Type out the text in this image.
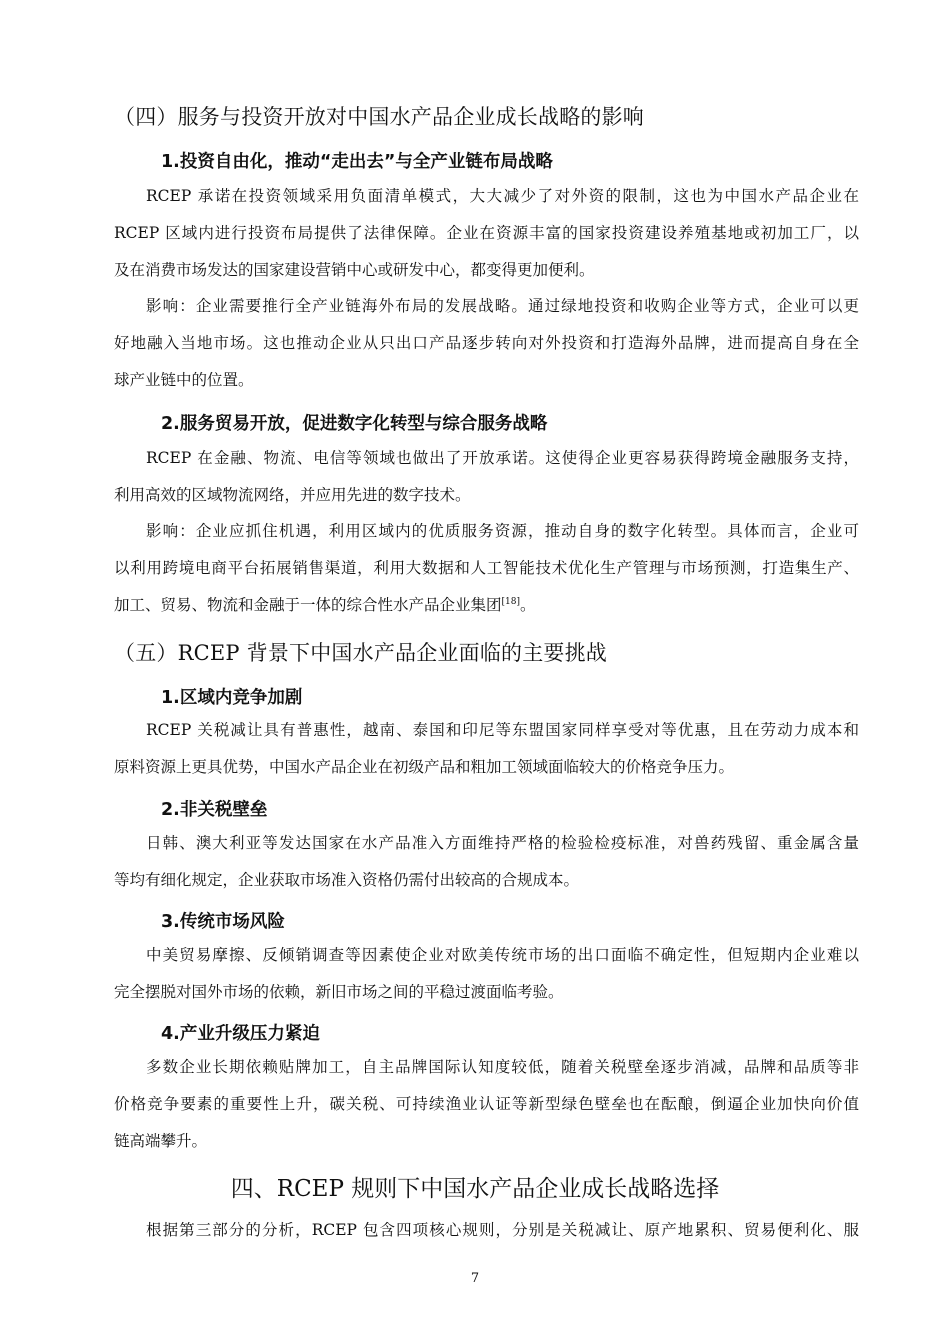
（四）服务与投资开放对中国水产品企业成长战略的影响
1.投资自由化，推动“走出去”与全产业链布局战略
RCEP 承诺在投资领域采用负面清单模式，大大减少了对外资的限制，这也为中国水产品企业在
RCEP 区域内进行投资布局提供了法律保障。企业在资源丰富的国家投资建设养殖基地或初加工厂，以
及在消费市场发达的国家建设营销中心或研发中心，都变得更加便利。
影响：企业需要推行全产业链海外布局的发展战略。通过绿地投资和收购企业等方式，企业可以更
好地融入当地市场。这也推动企业从只出口产品逐步转向对外投资和打造海外品牌，进而提高自身在全
球产业链中的位置。
2.服务贸易开放，促进数字化转型与综合服务战略
RCEP 在金融、物流、电信等领域也做出了开放承诺。这使得企业更容易获得跨境金融服务支持，
利用高效的区域物流网络，并应用先进的数字技术。
影响：企业应抓住机遇，利用区域内的优质服务资源，推动自身的数字化转型。具体而言，企业可
以利用跨境电商平台拓展销售渠道，利用大数据和人工智能技术优化生产管理与市场预测，打造集生产、
加工、贸易、物流和金融于一体的综合性水产品企业集团[18]。
（五）RCEP 背景下中国水产品企业面临的主要挑战
1.区域内竞争加剧
RCEP 关税减让具有普惠性，越南、泰国和印尼等东盟国家同样享受对等优惠，且在劳动力成本和
原料资源上更具优势，中国水产品企业在初级产品和粗加工领域面临较大的价格竞争压力。
2.非关税壁垒
日韩、澳大利亚等发达国家在水产品准入方面维持严格的检验检疫标准，对兽药残留、重金属含量
等均有细化规定，企业获取市场准入资格仍需付出较高的合规成本。
3.传统市场风险
中美贸易摩擦、反倾销调查等因素使企业对欧美传统市场的出口面临不确定性，但短期内企业难以
完全摆脱对国外市场的依赖，新旧市场之间的平稳过渡面临考验。
4.产业升级压力紧迫
多数企业长期依赖贴牌加工，自主品牌国际认知度较低，随着关税壁垒逐步消减，品牌和品质等非
价格竞争要素的重要性上升，碳关税、可持续渔业认证等新型绿色壁垒也在酝酿，倒逼企业加快向价值
链高端攀升。
四、RCEP 规则下中国水产品企业成长战略选择
根据第三部分的分析，RCEP 包含四项核心规则，分别是关税减让、原产地累积、贸易便利化、服
7
